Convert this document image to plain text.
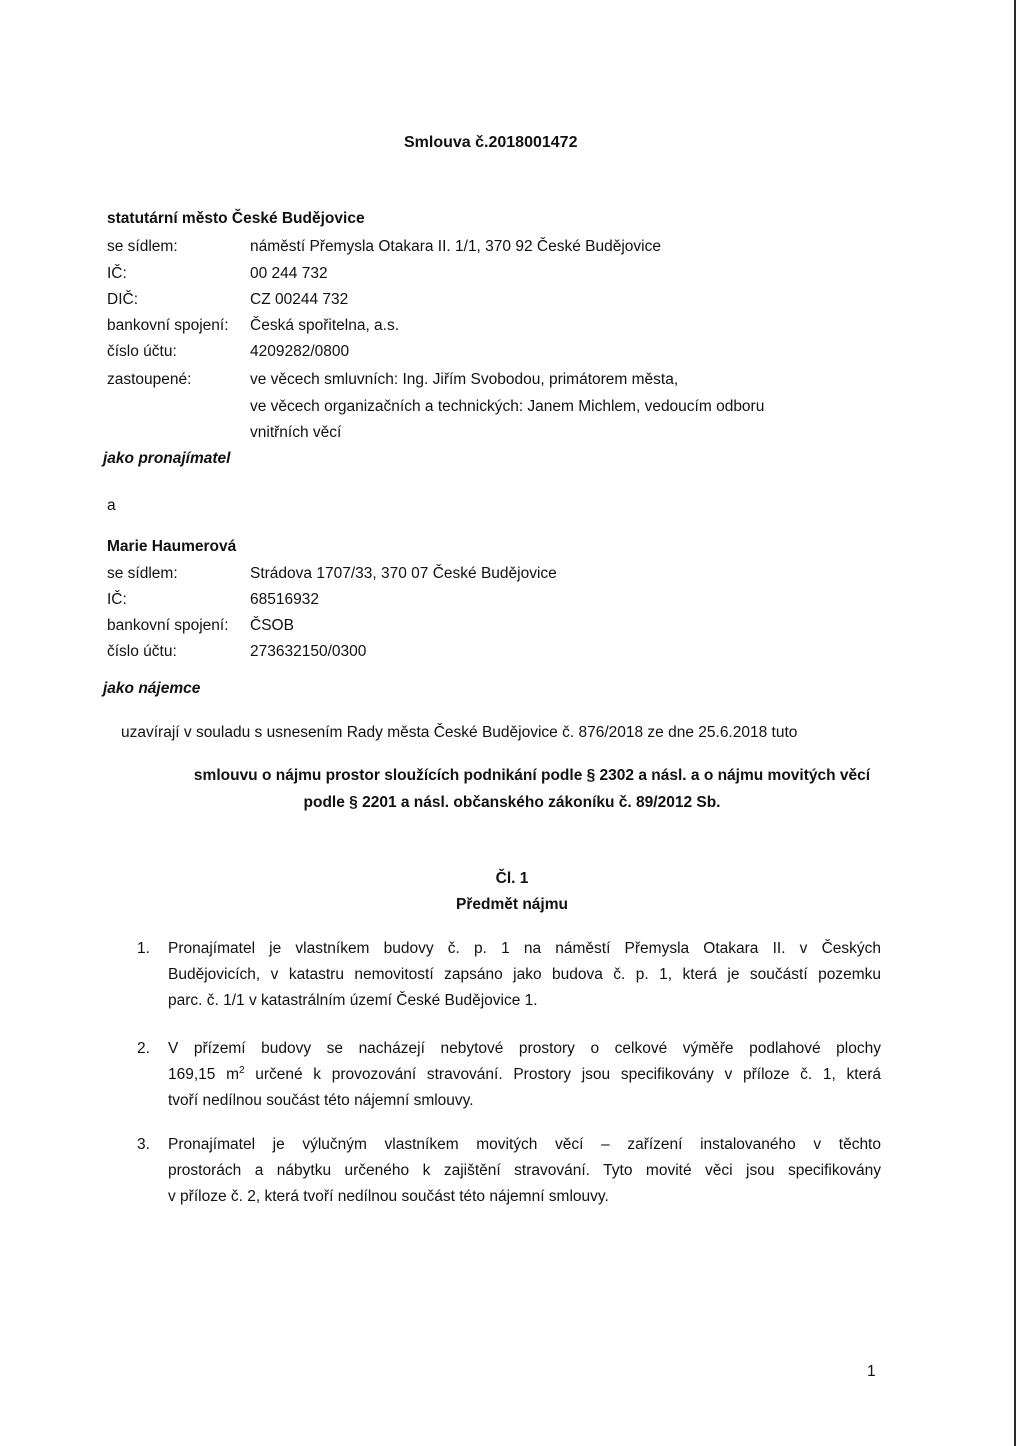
Smlouva č.2018001472
statutární město České Budějovice
se sídlem:	náměstí Přemysla Otakara II. 1/1, 370 92 České Budějovice
IČ:	00 244 732
DIČ:	CZ 00244 732
bankovní spojení: Česká spořitelna, a.s.
číslo účtu:	4209282/0800
zastoupené:	ve věcech smluvních: Ing. Jiřím Svobodou, primátorem města,
ve věcech organizačních a technických: Janem Michlem, vedoucím odboru
vnitřních věcí
jako pronajímatel
a
Marie Haumerová
se sídlem:	Strádova 1707/33, 370 07 České Budějovice
IČ:	68516932
bankovní spojení: ČSOB
číslo účtu:	273632150/0300
jako nájemce
uzavírají v souladu s usnesením Rady města České Budějovice č. 876/2018 ze dne 25.6.2018 tuto
smlouvu o nájmu prostor sloužících podnikání podle § 2302 a násl. a o nájmu movitých věcí
podle § 2201 a násl. občanského zákoníku č. 89/2012 Sb.
Čl. 1
Předmět nájmu
1. Pronajímatel je vlastníkem budovy č. p. 1 na náměstí Přemysla Otakara II. v Českých
Budějovicích, v katastru nemovitostí zapsáno jako budova č. p. 1, která je součástí pozemku
parc. č. 1/1 v katastrálním území České Budějovice 1.
2. V přízemí budovy se nacházejí nebytové prostory o celkové výměře podlahové plochy
169,15 $m^2$ určené k provozování stravování. Prostory jsou specifikovány v příloze č. 1, která
tvoří nedílnou součást této nájemní smlouvy.
3. Pronajímatel je výlučným vlastníkem movitých věcí – zařízení instalovaného v těchto
prostorách a nábytku určeného k zajištění stravování. Tyto movité věci jsou specifikovány
v příloze č. 2, která tvoří nedílnou součást této nájemní smlouvy.
1
